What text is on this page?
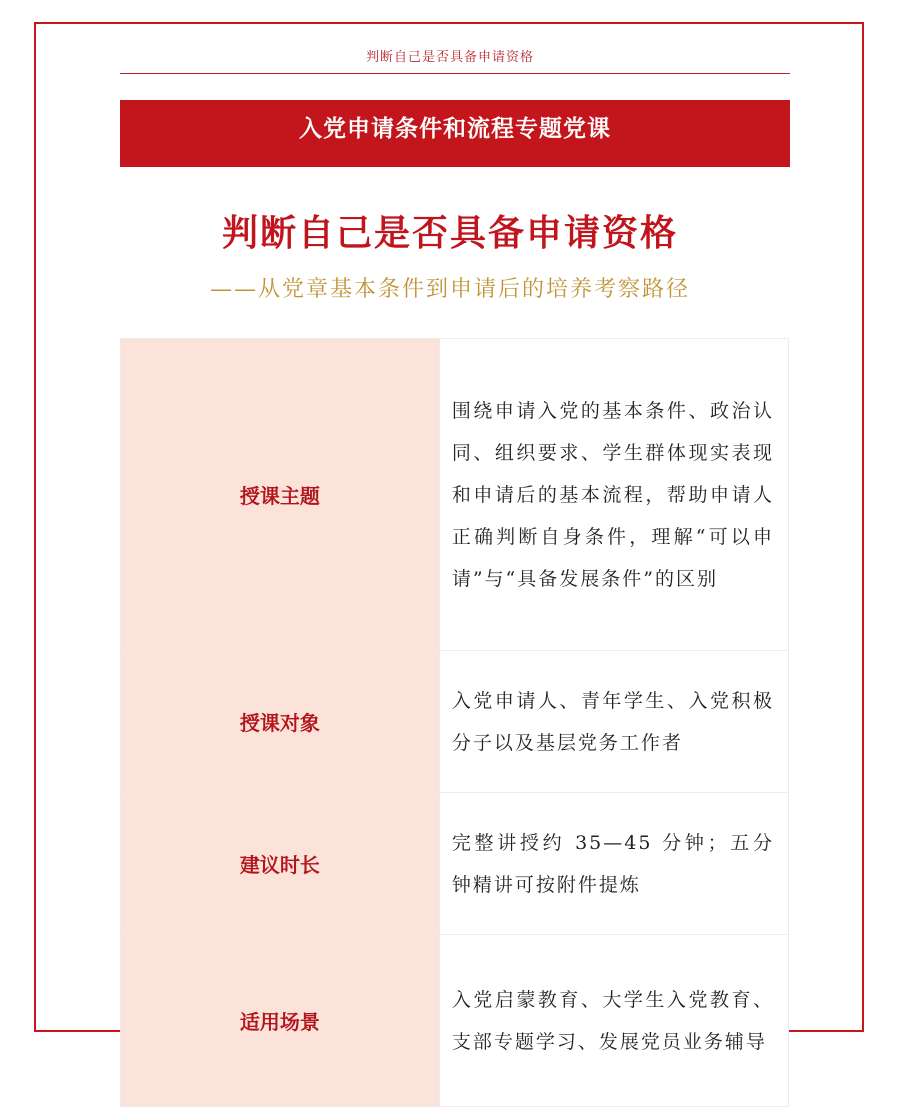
判断自己是否具备申请资格
入党申请条件和流程专题党课
判断自己是否具备申请资格
——从党章基本条件到申请后的培养考察路径
授课主题	围绕申请入党的基本条件、政治认同、组织要求、学生群体现实表现和申请后的基本流程，帮助申请人正确判断自身条件，理解“可以申请”与“具备发展条件”的区别
授课对象	入党申请人、青年学生、入党积极分子以及基层党务工作者
建议时长	完整讲授约 35—45 分钟；五分钟精讲可按附件提炼
适用场景	入党启蒙教育、大学生入党教育、支部专题学习、发展党员业务辅导
